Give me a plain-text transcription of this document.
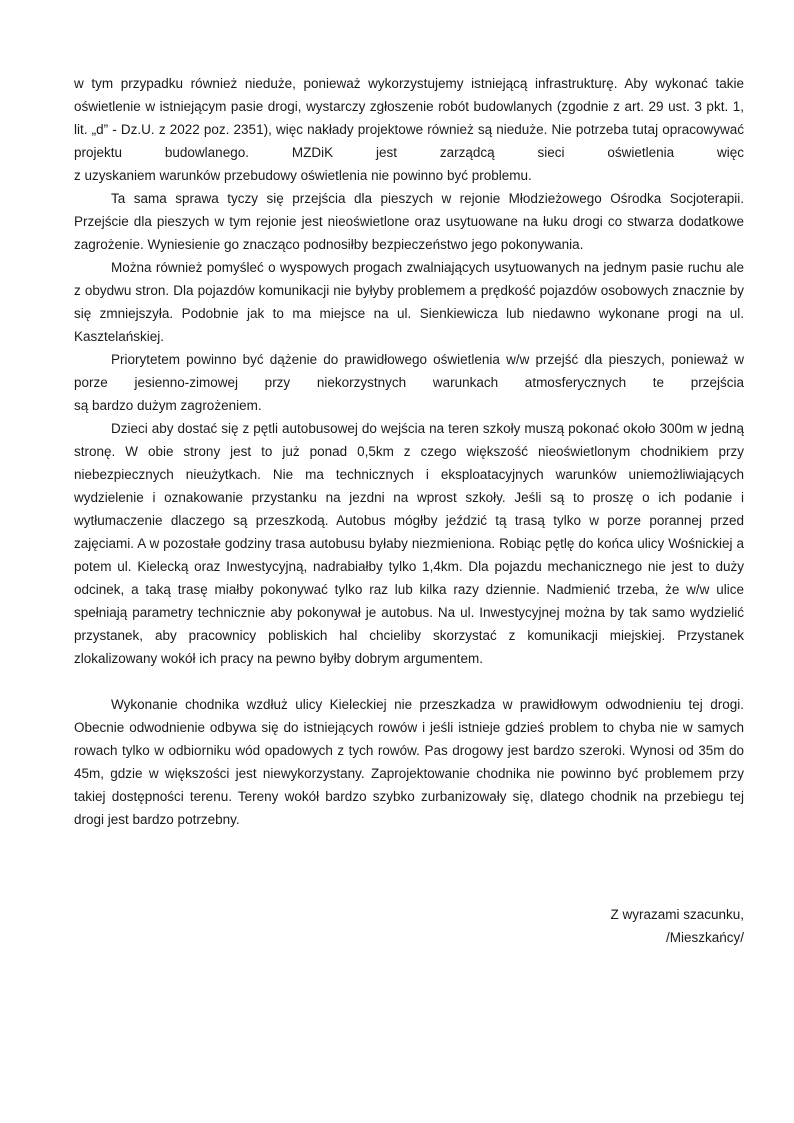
w tym przypadku również nieduże, ponieważ wykorzystujemy istniejącą infrastrukturę. Aby wykonać takie oświetlenie w istniejącym pasie drogi, wystarczy zgłoszenie robót budowlanych (zgodnie z art. 29 ust. 3 pkt. 1, lit. „d” - Dz.U. z 2022 poz. 2351), więc nakłady projektowe również są nieduże. Nie potrzeba tutaj opracowywać projektu budowlanego. MZDiK jest zarządcą sieci oświetlenia więc
z uzyskaniem warunków przebudowy oświetlenia nie powinno być problemu.
Ta sama sprawa tyczy się przejścia dla pieszych w rejonie Młodzieżowego Ośrodka Socjoterapii. Przejście dla pieszych w tym rejonie jest nieoświetlone oraz usytuowane na łuku drogi co stwarza dodatkowe zagrożenie. Wyniesienie go znacząco podnosiłby bezpieczeństwo jego pokonywania.
Można również pomyśleć o wyspowych progach zwalniających usytuowanych na jednym pasie ruchu ale z obydwu stron. Dla pojazdów komunikacji nie byłyby problemem a prędkość pojazdów osobowych znacznie by się zmniejszyła. Podobnie jak to ma miejsce na ul. Sienkiewicza lub niedawno wykonane progi na ul. Kasztelańskiej.
Priorytetem powinno być dążenie do prawidłowego oświetlenia w/w przejść dla pieszych, ponieważ w porze jesienno-zimowej przy niekorzystnych warunkach atmosferycznych te przejścia
są bardzo dużym zagrożeniem.
Dzieci aby dostać się z pętli autobusowej do wejścia na teren szkoły muszą pokonać około 300m w jedną stronę. W obie strony jest to już ponad 0,5km z czego większość nieoświetlonym chodnikiem przy niebezpiecznych nieużytkach. Nie ma technicznych i eksploatacyjnych warunków uniemożliwiających wydzielenie i oznakowanie przystanku na jezdni na wprost szkoły. Jeśli są to proszę o ich podanie i wytłumaczenie dlaczego są przeszkodą. Autobus mógłby jeździć tą trasą tylko w porze porannej przed zajęciami. A w pozostałe godziny trasa autobusu byłaby niezmieniona. Robiąc pętlę do końca ulicy Wośnickiej a potem ul. Kielecką oraz Inwestycyjną, nadrabiałby tylko 1,4km. Dla pojazdu mechanicznego nie jest to duży odcinek, a taką trasę miałby pokonywać tylko raz lub kilka razy dziennie. Nadmienić trzeba, że w/w ulice spełniają parametry technicznie aby pokonywał je autobus. Na ul. Inwestycyjnej można by tak samo wydzielić przystanek, aby pracownicy pobliskich hal chcieliby skorzystać z komunikacji miejskiej. Przystanek zlokalizowany wokół ich pracy na pewno byłby dobrym argumentem.
Wykonanie chodnika wzdłuż ulicy Kieleckiej nie przeszkadza w prawidłowym odwodnieniu tej drogi. Obecnie odwodnienie odbywa się do istniejących rowów i jeśli istnieje gdzieś problem to chyba nie w samych rowach tylko w odbiorniku wód opadowych z tych rowów. Pas drogowy jest bardzo szeroki. Wynosi od 35m do 45m, gdzie w większości jest niewykorzystany. Zaprojektowanie chodnika nie powinno być problemem przy takiej dostępności terenu. Tereny wokół bardzo szybko zurbanizowały się, dlatego chodnik na przebiegu tej drogi jest bardzo potrzebny.
Z wyrazami szacunku,
/Mieszkańcy/
